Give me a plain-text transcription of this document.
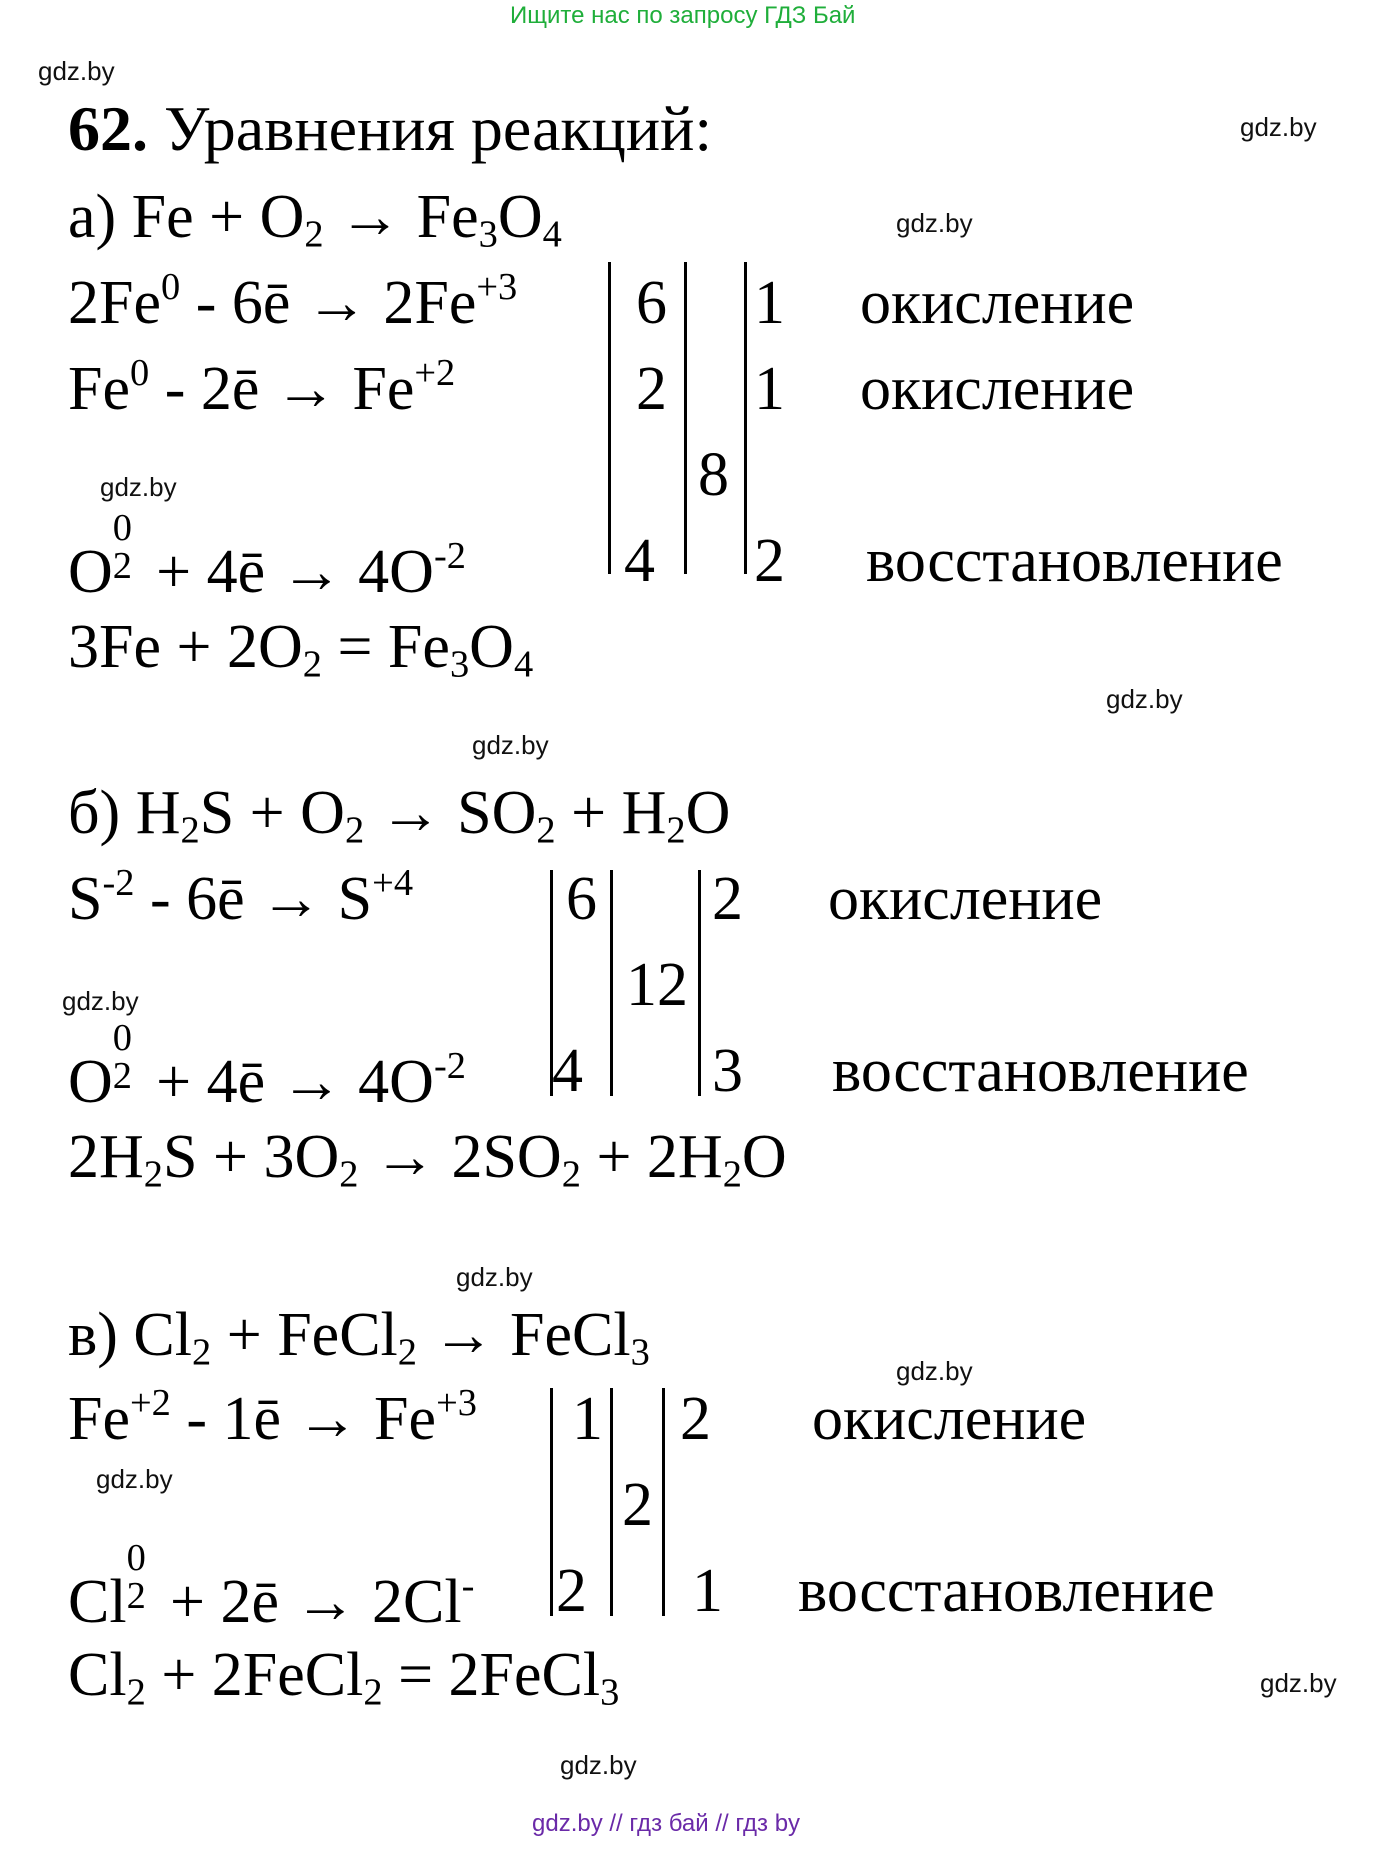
Ищите нас по запросу ГДЗ Бай
gdz.by
gdz.by
gdz.by
gdz.by
gdz.by
gdz.by
gdz.by
gdz.by
gdz.by
gdz.by
gdz.by
gdz.by
62. Уравнения реакций:
а) $Fe + O_2 \to Fe_3O_4$
2Fe$^0$ - 6ē → $2Fe^{+3}$
Fe$^0$ - 2ē → $Fe^{+2}$
O
0
2 + 4ē → $4O^{-2}$
6
2
4
8
1
1
2
окисление
окисление
восстановление
$3Fe + 2O_2 = Fe_3O_4$
б) $H_2S + O_2 \to SO_2 + H_2O$
$S^{-2}$ - 6ē → $S^{+4}$
O
0
2 + 4ē → $4O^{-2}$
6
4
12
2
3
окисление
восстановление
$2H_2S + 3O_2 \to 2SO_2 + 2H_2O$
в) $Cl_2$ + FeCl$_2$ → FeCl$_3$
$Fe^{+2}$ - 1ē → $Fe^{+3}$
Cl
0
2 + 2ē → 2Cl-
1
2
2
2
1
окисление
восстановление
$Cl_2$ + 2FeCl$_2$ = 2FeCl$_3$
gdz.by // гдз бай // гдз by
